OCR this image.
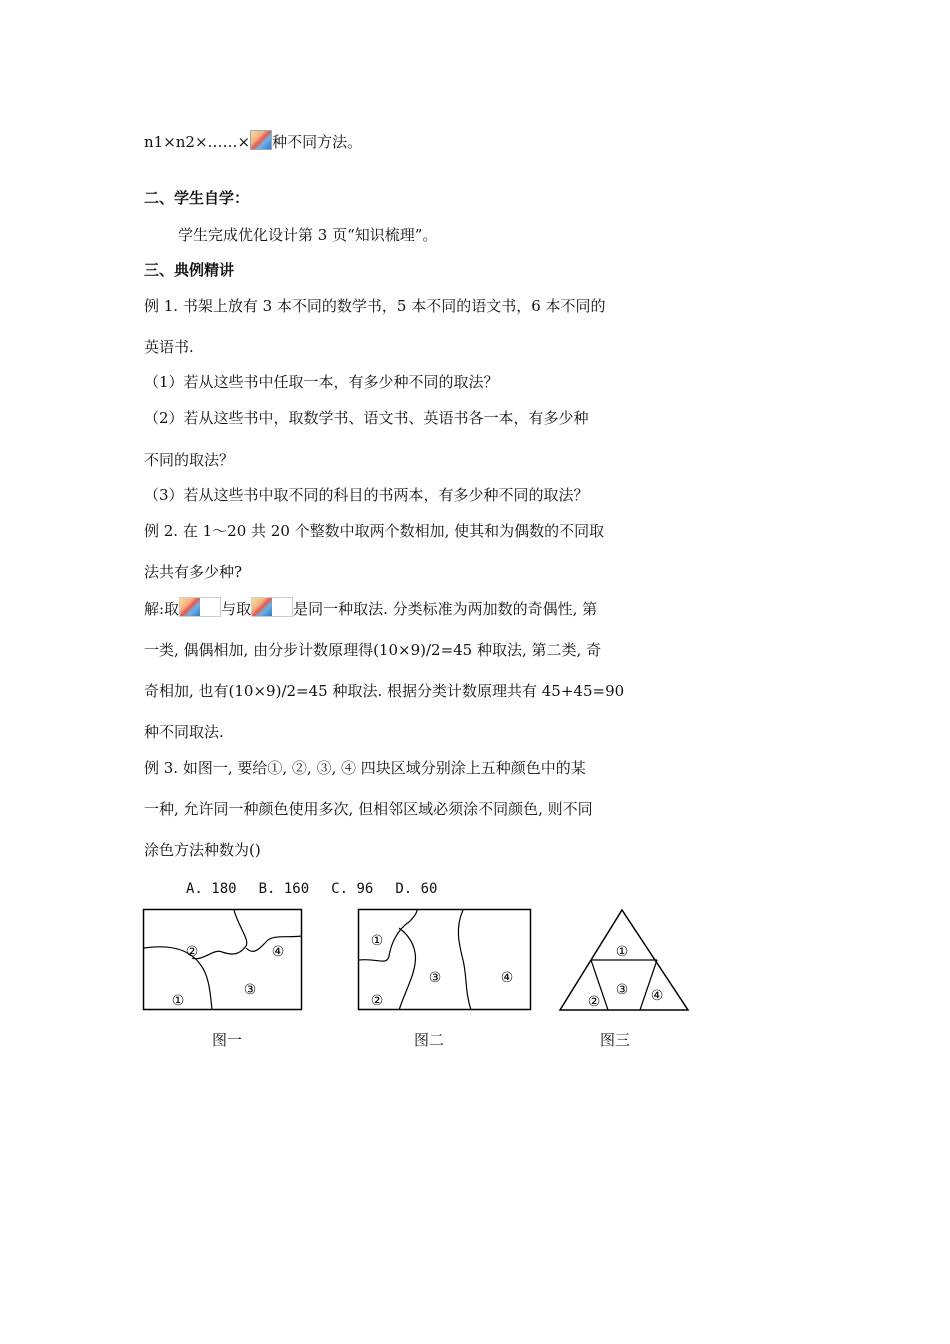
n1×n2×……× 种不同方法。
二、学生自学：
学生完成优化设计第 3 页“知识梳理”。
三、典例精讲
例 1. 书架上放有 3 本不同的数学书，5 本不同的语文书，6 本不同的
英语书.
（1）若从这些书中任取一本，有多少种不同的取法？
（2）若从这些书中，取数学书、语文书、英语书各一本，有多少种
不同的取法？
（3）若从这些书中取不同的科目的书两本，有多少种不同的取法？
例 2. 在 1～20 共 20 个整数中取两个数相加, 使其和为偶数的不同取
法共有多少种?
解:取	与取	是同一种取法. 分类标准为两加数的奇偶性, 第
一类, 偶偶相加, 由分步计数原理得(10×9)/2=45 种取法, 第二类, 奇
奇相加, 也有(10×9)/2=45 种取法. 根据分类计数原理共有 45+45=90
种不同取法.
例 3. 如图一, 要给①, ②, ③, ④ 四块区域分别涂上五种颜色中的某
一种, 允许同一种颜色使用多次, 但相邻区域必须涂不同颜色, 则不同
涂色方法种数为()
A. 180 B. 160 C. 96 D. 60
②	④
③
①
图一
①
③	④
②
图二
①
③ ④
②
图三
